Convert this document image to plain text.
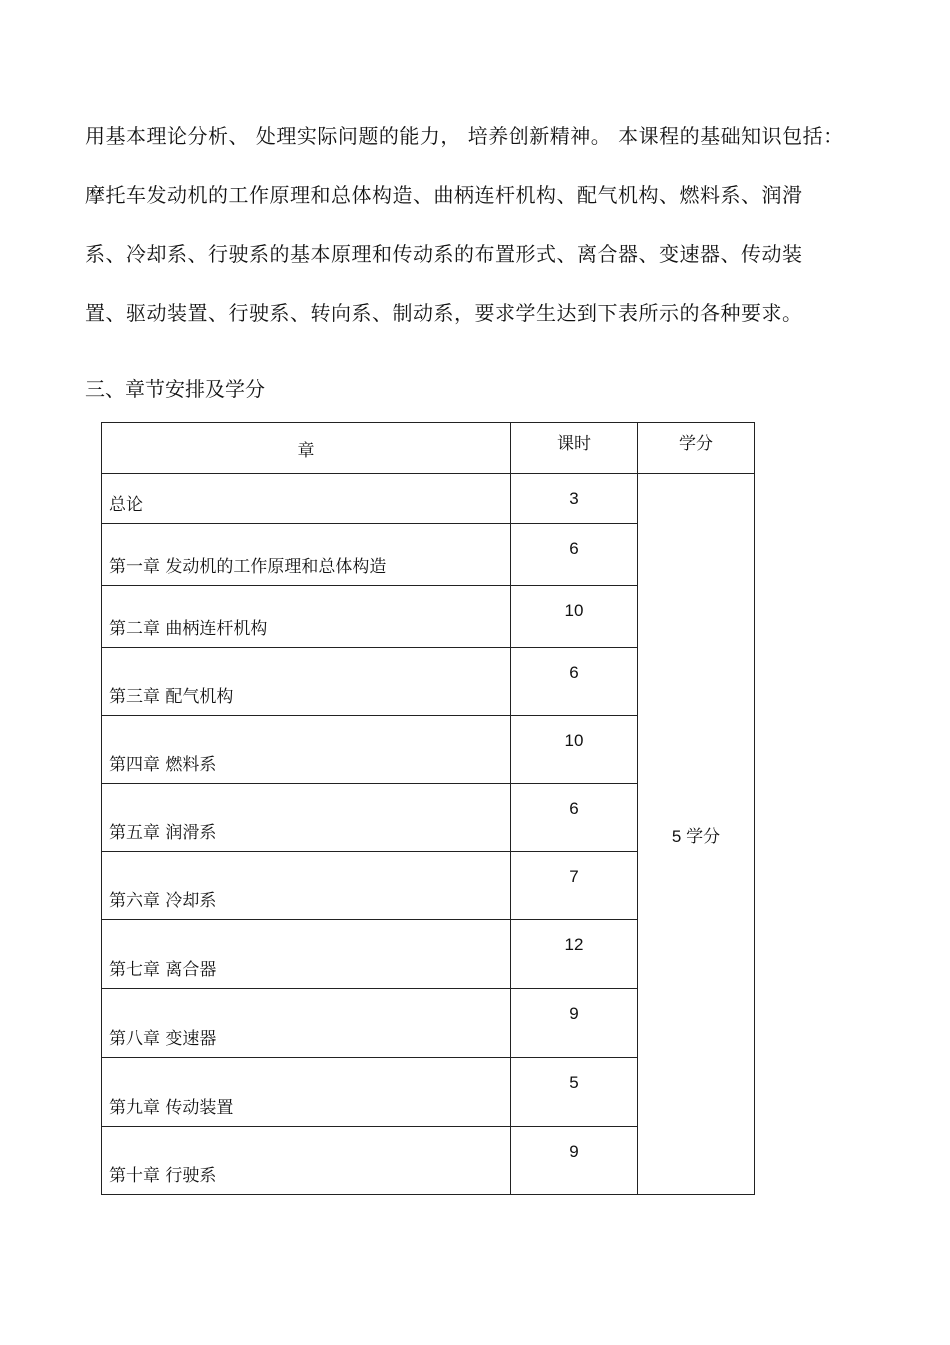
用基本理论分析、 处理实际问题的能力， 培养创新精神。 本课程的基础知识包括：
摩托车发动机的工作原理和总体构造、曲柄连杆机构、配气机构、燃料系、润滑
系、冷却系、行驶系的基本原理和传动系的布置形式、离合器、变速器、传动装
置、驱动装置、行驶系、转向系、制动系，要求学生达到下表所示的各种要求。
三、章节安排及学分
章	课时	学分
总论	3	5 学分
第一章 发动机的工作原理和总体构造	6	
第二章 曲柄连杆机构	10	
第三章 配气机构	6	
第四章 燃料系	10	
第五章 润滑系	6	
第六章 冷却系	7	
第七章 离合器	12	
第八章 变速器	9	
第九章 传动装置	5	
第十章 行驶系	9	
